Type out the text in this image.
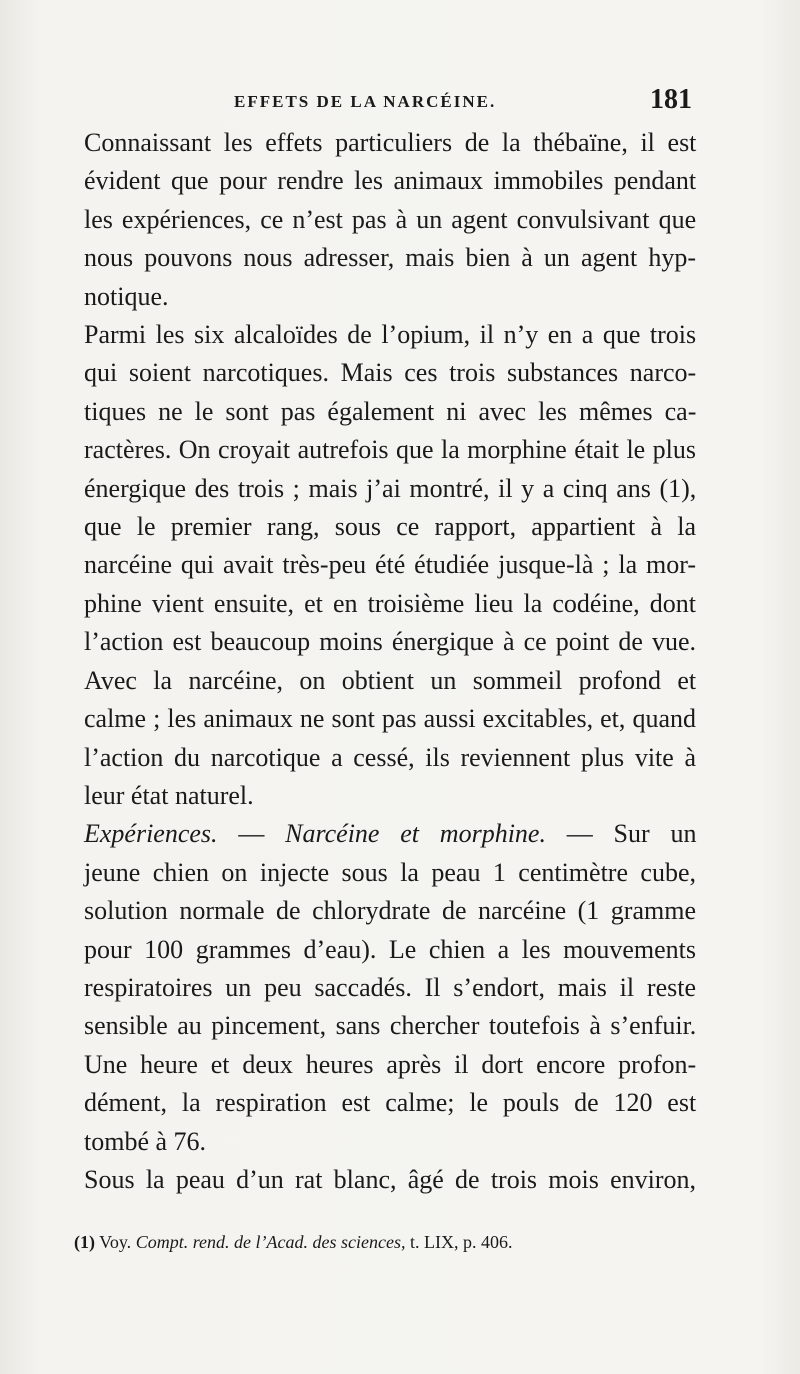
EFFETS DE LA NARCÉINE.	181
Connaissant les effets particuliers de la thébaïne, il est
évident que pour rendre les animaux immobiles pendant
les expériences, ce n’est pas à un agent convulsivant que
nous pouvons nous adresser, mais bien à un agent hyp-
notique.
Parmi les six alcaloïdes de l’opium, il n’y en a que trois
qui soient narcotiques. Mais ces trois substances narco-
tiques ne le sont pas également ni avec les mêmes ca-
ractères. On croyait autrefois que la morphine était le plus
énergique des trois ; mais j’ai montré, il y a cinq ans (1),
que le premier rang, sous ce rapport, appartient à la
narcéine qui avait très-peu été étudiée jusque-là ; la mor-
phine vient ensuite, et en troisième lieu la codéine, dont
l’action est beaucoup moins énergique à ce point de vue.
Avec la narcéine, on obtient un sommeil profond et
calme ; les animaux ne sont pas aussi excitables, et, quand
l’action du narcotique a cessé, ils reviennent plus vite à
leur état naturel.
Expériences. — Narcéine et morphine. — Sur un
jeune chien on injecte sous la peau 1 centimètre cube,
solution normale de chlorydrate de narcéine (1 gramme
pour 100 grammes d’eau). Le chien a les mouvements
respiratoires un peu saccadés. Il s’endort, mais il reste
sensible au pincement, sans chercher toutefois à s’enfuir.
Une heure et deux heures après il dort encore profon-
dément, la respiration est calme; le pouls de 120 est
tombé à 76.
Sous la peau d’un rat blanc, âgé de trois mois environ,
(1) Voy. Compt. rend. de l’Acad. des sciences, t. LIX, p. 406.
